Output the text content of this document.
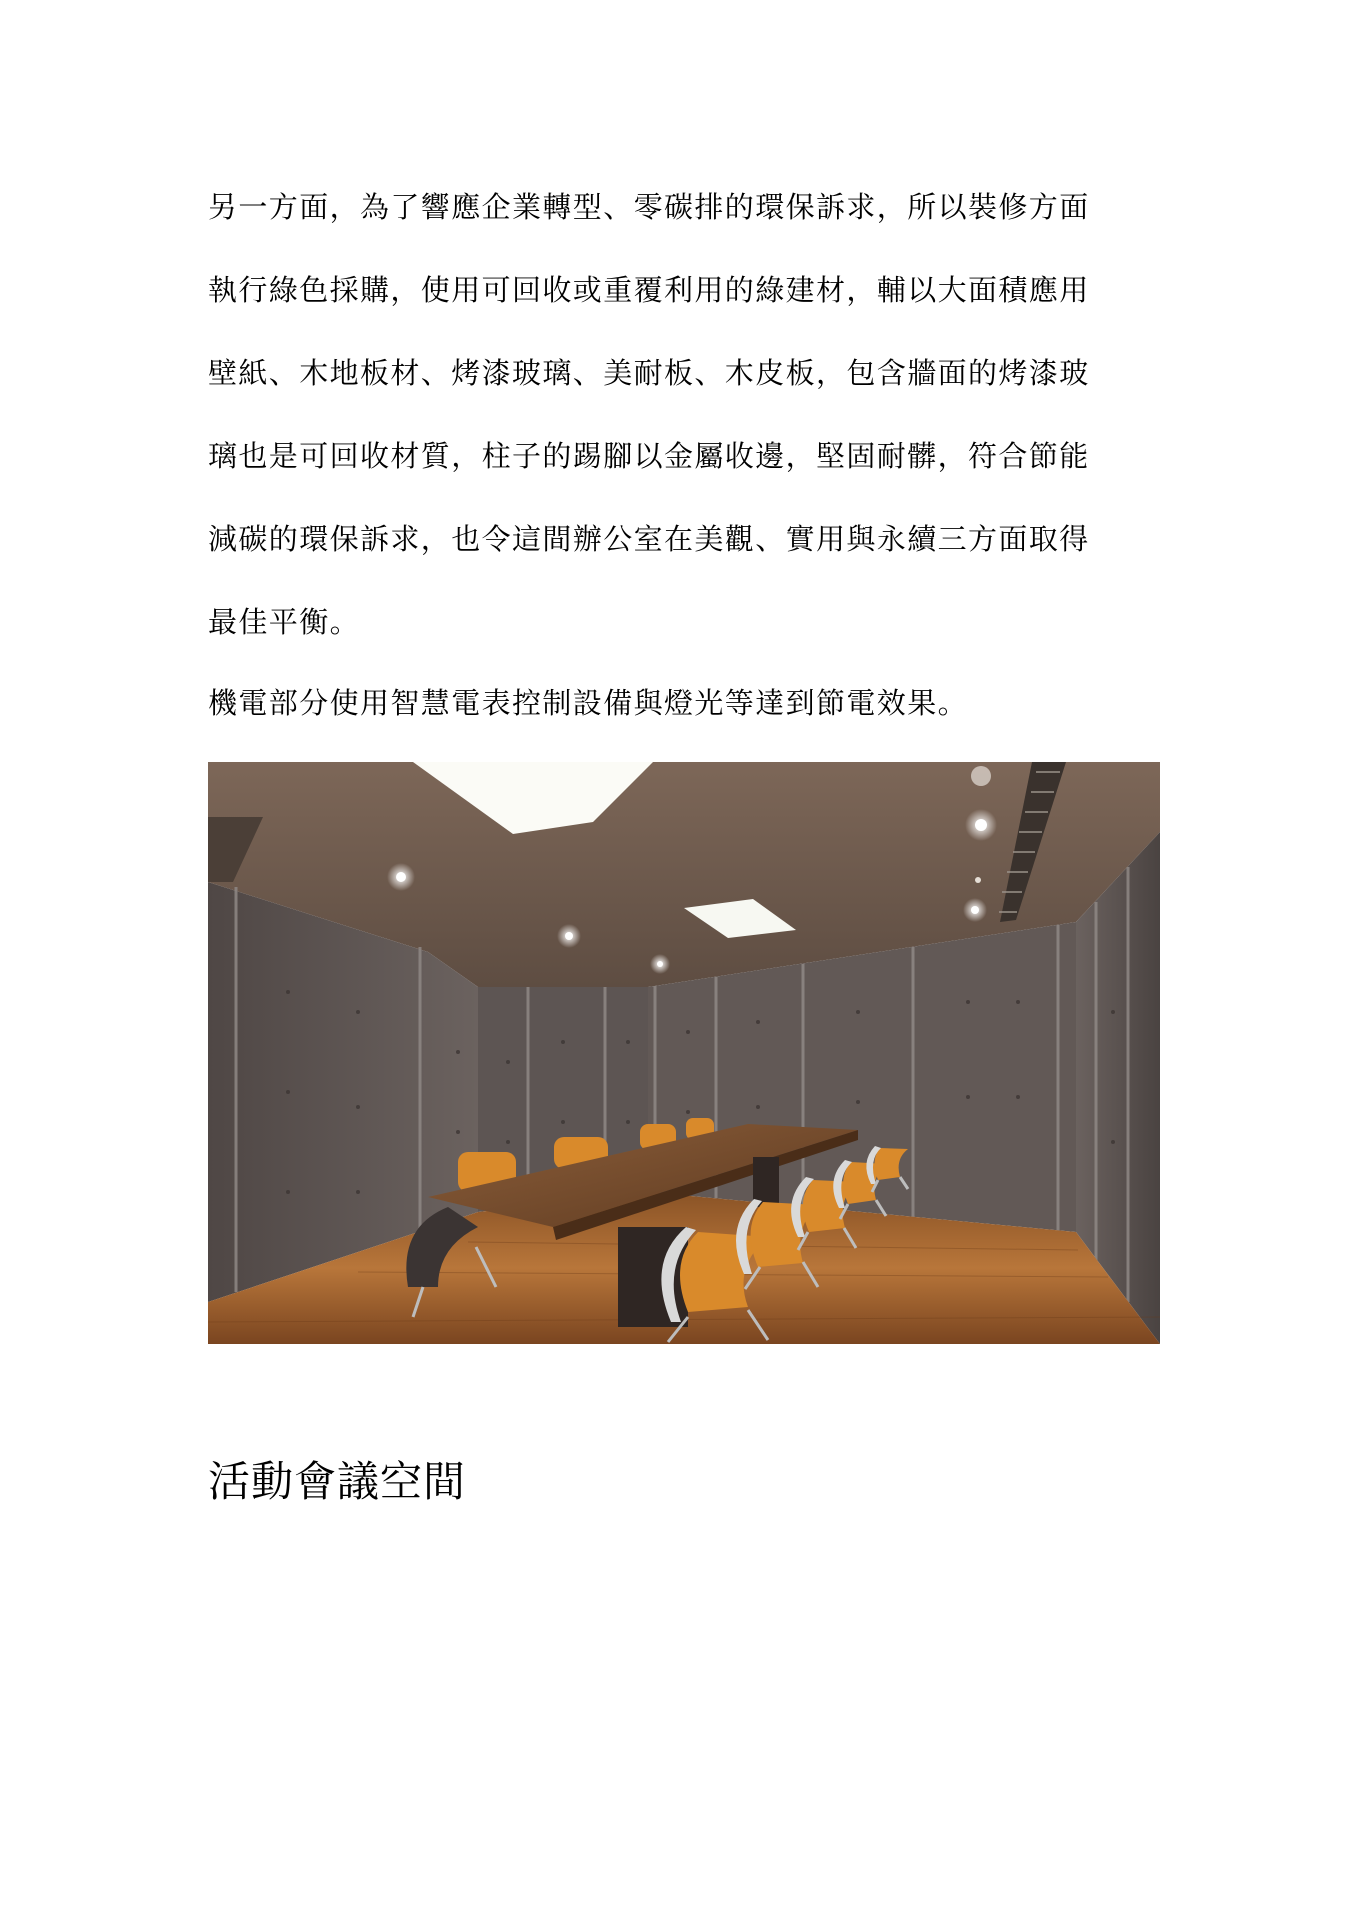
另一方面，為了響應企業轉型、零碳排的環保訴求，所以裝修方面
執行綠色採購，使用可回收或重覆利用的綠建材，輔以大面積應用
壁紙、木地板材、烤漆玻璃、美耐板、木皮板，包含牆面的烤漆玻
璃也是可回收材質，柱子的踢腳以金屬收邊，堅固耐髒，符合節能
減碳的環保訴求，也令這間辦公室在美觀、實用與永續三方面取得
最佳平衡。

機電部分使用智慧電表控制設備與燈光等達到節電效果。

活動會議空間
